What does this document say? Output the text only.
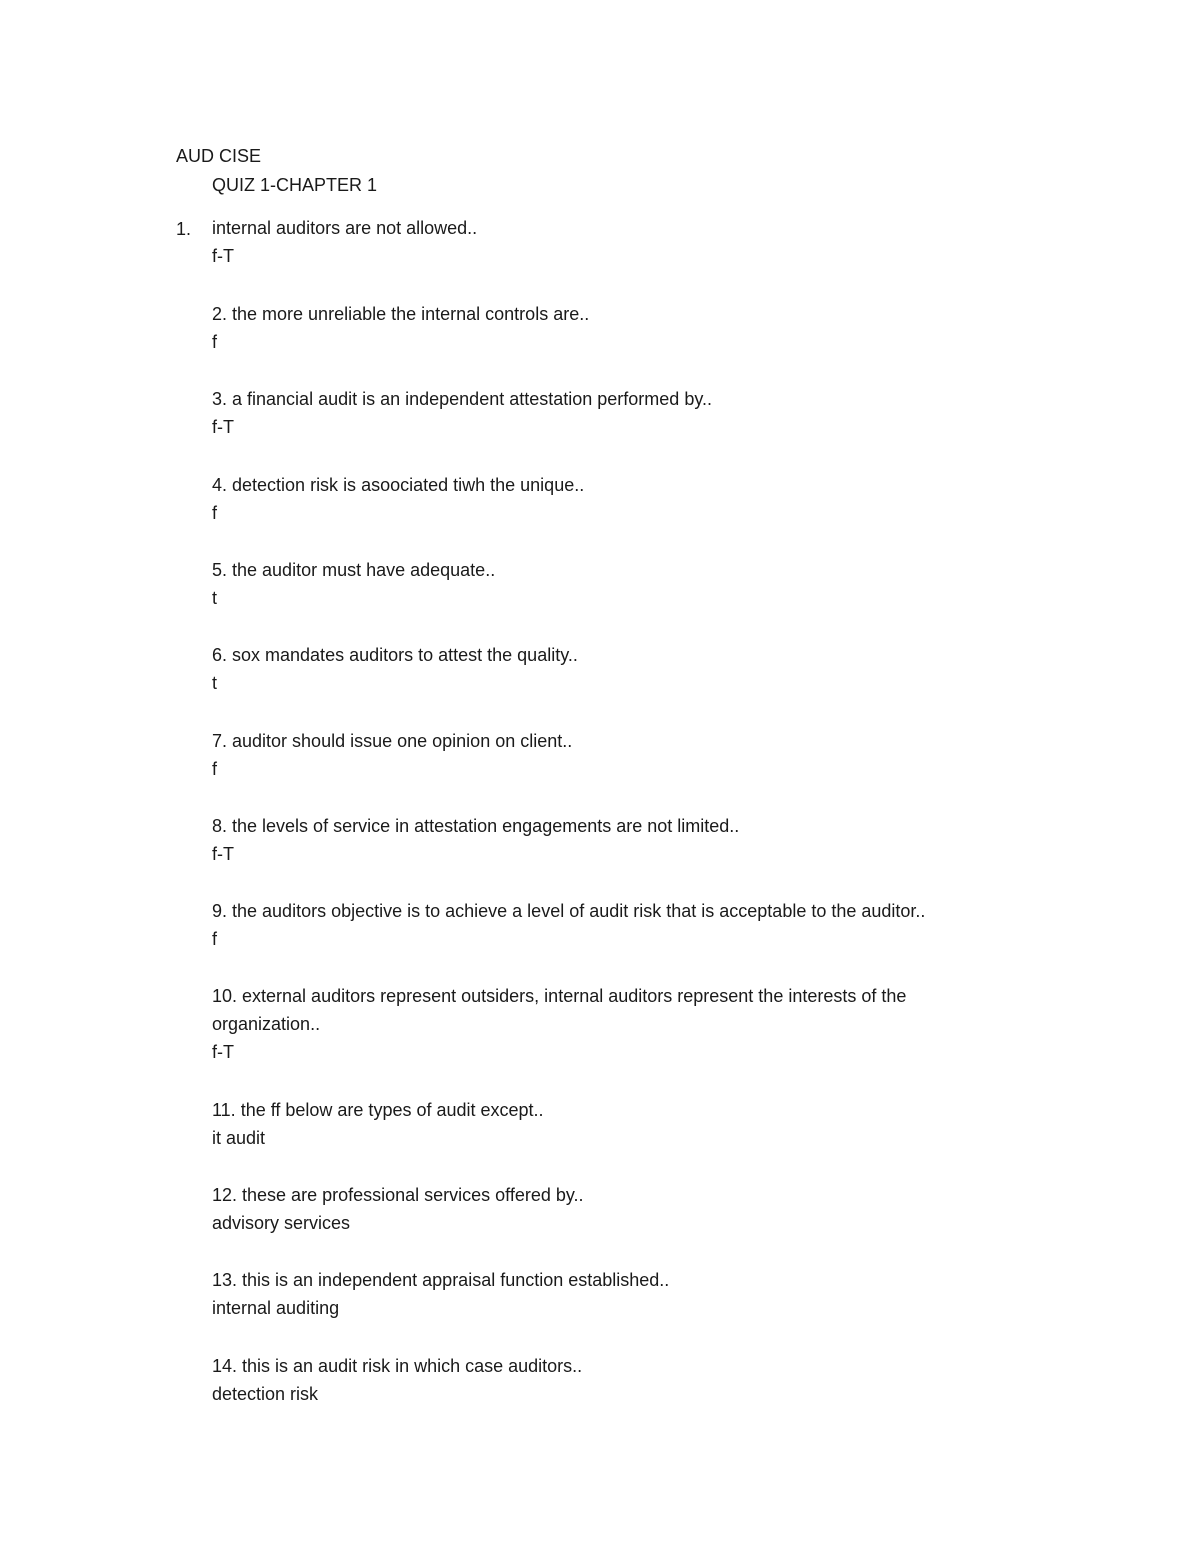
AUD CISE
QUIZ 1-CHAPTER 1
1. internal auditors are not allowed..
f-T
2. the more unreliable the internal controls are..
f
3. a financial audit is an independent attestation performed by..
f-T
4. detection risk is asoociated tiwh the unique..
f
5. the auditor must have adequate..
t
6. sox mandates auditors to attest the quality..
t
7. auditor should issue one opinion on client..
f
8. the levels of service in attestation engagements are not limited..
f-T
9. the auditors objective is to achieve a level of audit risk that is acceptable to the auditor..
f
10. external auditors represent outsiders, internal auditors represent the interests of the organization..
f-T
11. the ff below are types of audit except..
it audit
12. these are professional services offered by..
advisory services
13. this is an independent appraisal function established..
internal auditing
14. this is an audit risk in which case auditors..
detection risk
